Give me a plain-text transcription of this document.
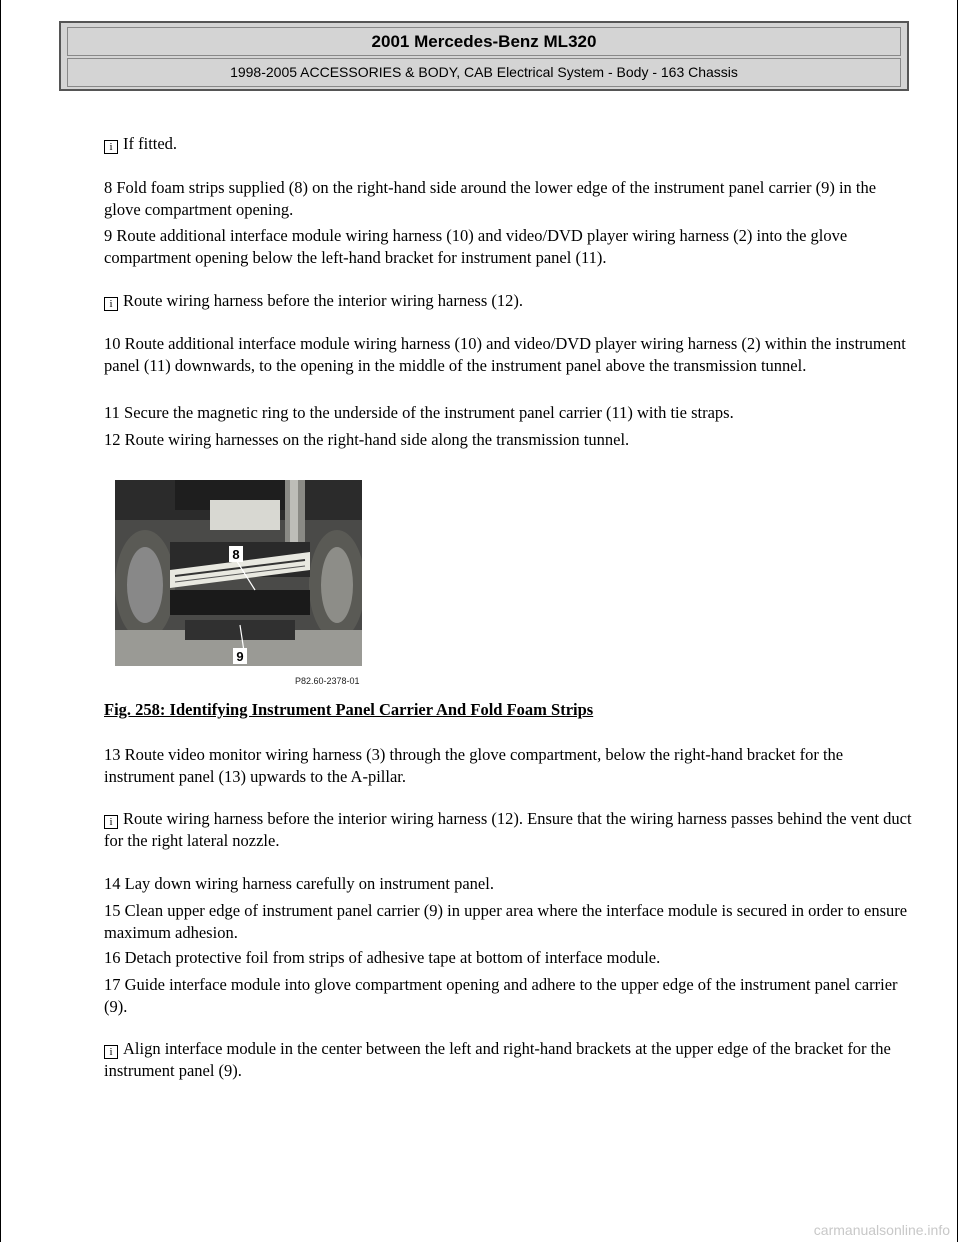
2001 Mercedes-Benz ML320
1998-2005 ACCESSORIES & BODY, CAB Electrical System - Body - 163 Chassis
i If fitted.
8 Fold foam strips supplied (8) on the right-hand side around the lower edge of the instrument panel carrier (9) in the glove compartment opening.
9 Route additional interface module wiring harness (10) and video/DVD player wiring harness (2) into the glove compartment opening below the left-hand bracket for instrument panel (11).
i Route wiring harness before the interior wiring harness (12).
10 Route additional interface module wiring harness (10) and video/DVD player wiring harness (2) within the instrument panel (11) downwards, to the opening in the middle of the instrument panel above the transmission tunnel.
11 Secure the magnetic ring to the underside of the instrument panel carrier (11) with tie straps.
12 Route wiring harnesses on the right-hand side along the transmission tunnel.
8
9
P82.60-2378-01
Fig. 258: Identifying Instrument Panel Carrier And Fold Foam Strips
13 Route video monitor wiring harness (3) through the glove compartment, below the right-hand bracket for the instrument panel (13) upwards to the A-pillar.
i Route wiring harness before the interior wiring harness (12). Ensure that the wiring harness passes behind the vent duct for the right lateral nozzle.
14 Lay down wiring harness carefully on instrument panel.
15 Clean upper edge of instrument panel carrier (9) in upper area where the interface module is secured in order to ensure maximum adhesion.
16 Detach protective foil from strips of adhesive tape at bottom of interface module.
17 Guide interface module into glove compartment opening and adhere to the upper edge of the instrument panel carrier (9).
i Align interface module in the center between the left and right-hand brackets at the upper edge of the bracket for the instrument panel (9).
carmanualsonline.info
